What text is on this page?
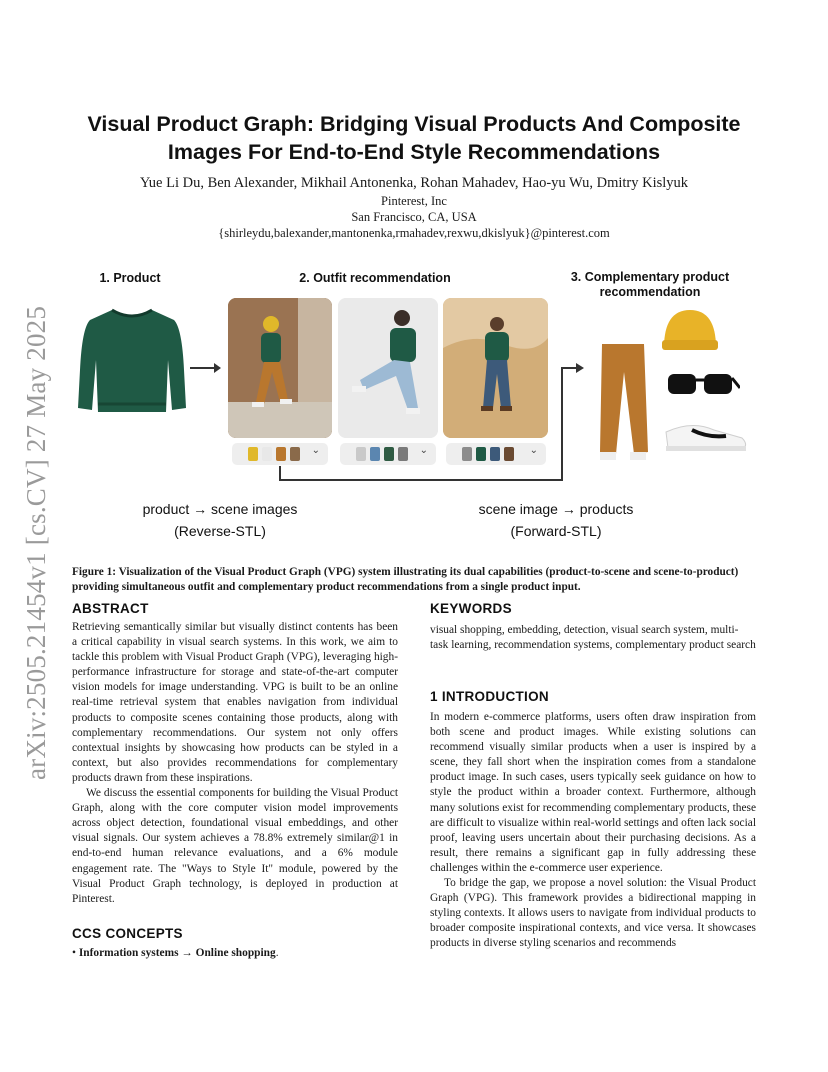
arXiv:2505.21454v1 [cs.CV] 27 May 2025
Visual Product Graph: Bridging Visual Products And Composite
Images For End-to-End Style Recommendations
Yue Li Du, Ben Alexander, Mikhail Antonenka, Rohan Mahadev, Hao-yu Wu, Dmitry Kislyuk
Pinterest, Inc
San Francisco, CA, USA
{shirleydu,balexander,mantonenka,rmahadev,rexwu,dkislyuk}@pinterest.com
1. Product	2. Outfit recommendation	3. Complementary product
recommendation
⌄	⌄	⌄
product → scene images
(Reverse-STL)
scene image → products
(Forward-STL)
Figure 1: Visualization of the Visual Product Graph (VPG) system illustrating its dual capabilities (product-to-scene and scene-to-product) providing simultaneous outfit and complementary product recommendations from a single product input.
ABSTRACT

Retrieving semantically similar but visually distinct contents has been a critical capability in visual search systems. In this work, we aim to tackle this problem with Visual Product Graph (VPG), leveraging high-performance infrastructure for storage and state-of-the-art computer vision models for image understanding. VPG is built to be an online real-time retrieval system that enables navigation from individual products to composite scenes containing those products, along with complementary recommendations. Our system not only offers contextual insights by showcasing how products can be styled in a context, but also provides recommendations for complementary products drawn from these inspirations.

We discuss the essential components for building the Visual Product Graph, along with the core computer vision model improvements across object detection, foundational visual embeddings, and other visual signals. Our system achieves a 78.8% extremely similar@1 in end-to-end human relevance evaluations, and a 6% module engagement rate. The "Ways to Style It" module, powered by the Visual Product Graph technology, is deployed in production at Pinterest.

CCS CONCEPTS
• Information systems → Online shopping.
KEYWORDS
visual shopping, embedding, detection, visual search system, multi-task learning, recommendation systems, complementary product search
1 INTRODUCTION

In modern e-commerce platforms, users often draw inspiration from both scene and product images. While existing solutions can recommend visually similar products when a user is inspired by a scene, they fall short when the inspiration comes from a standalone product image. In such cases, users typically seek guidance on how to style the product within a broader context. Furthermore, although many solutions exist for recommending complementary products, these are difficult to visualize within real-world settings and often lack social proof, leaving users uncertain about their purchasing decisions. As a result, there remains a significant gap in fully addressing these challenges within the e-commerce user experience.

To bridge the gap, we propose a novel solution: the Visual Product Graph (VPG). This framework provides a bidirectional mapping in styling contexts. It allows users to navigate from individual products to broader composite inspirational contexts, and vice versa. It showcases products in diverse styling scenarios and recommends
